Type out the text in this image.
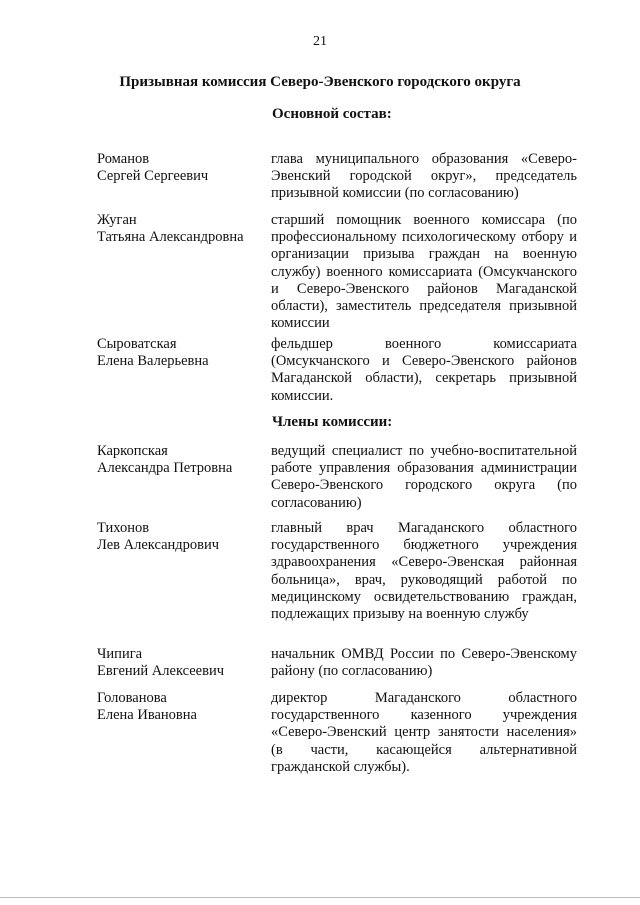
21
Призывная комиссия Северо-Эвенского городского округа
Основной состав:
Романов
Сергей Сергеевич
глава муниципального образования «Северо-Эвенский городской округ», председатель призывной комиссии (по согласованию)
Жуган
Татьяна Александровна
старший помощник военного комиссара (по профессиональному психологическому отбору и организации призыва граждан на военную службу) военного комиссариата (Омсукчанского и Северо-Эвенского районов Магаданской области), заместитель председателя призывной комиссии
Сыроватская
Елена Валерьевна
фельдшер военного комиссариата (Омсукчанского и Северо-Эвенского районов Магаданской области), секретарь призывной комиссии.
Члены комиссии:
Каркопская
Александра Петровна
ведущий специалист по учебно-воспитательной работе управления образования администрации Северо-Эвенского городского округа (по согласованию)
Тихонов
Лев Александрович
главный врач Магаданского областного государственного бюджетного учреждения здравоохранения «Северо-Эвенская районная больница», врач, руководящий работой по медицинскому освидетельствованию граждан, подлежащих призыву на военную службу
Чипига
Евгений Алексеевич
начальник ОМВД России по Северо-Эвенскому району (по согласованию)
Голованова
Елена Ивановна
директор Магаданского областного государственного казенного учреждения «Северо-Эвенский центр занятости населения» (в части, касающейся альтернативной гражданской службы).
